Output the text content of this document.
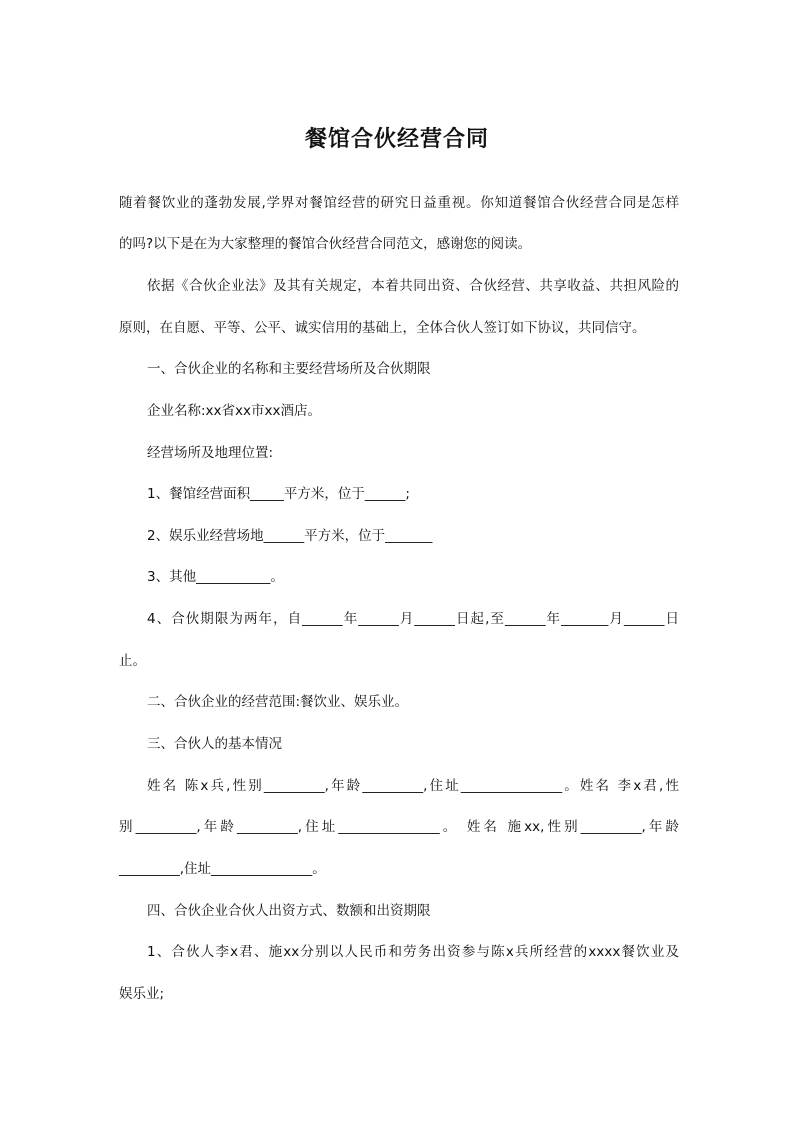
餐馆合伙经营合同
随着餐饮业的蓬勃发展,学界对餐馆经营的研究日益重视。你知道餐馆合伙经营合同是怎样
的吗?以下是在为大家整理的餐馆合伙经营合同范文，感谢您的阅读。
依据《合伙企业法》及其有关规定，本着共同出资、合伙经营、共享收益、共担风险的
原则，在自愿、平等、公平、诚实信用的基础上，全体合伙人签订如下协议，共同信守。
一、合伙企业的名称和主要经营场所及合伙期限
企业名称:xx省xx市xx酒店。
经营场所及地理位置:
1、餐馆经营面积_____平方米，位于______;
2、娱乐业经营场地______平方米，位于_______
3、其他___________。
4、合伙期限为两年，自______年______月______日起,至______年_______月______日
止。
二、合伙企业的经营范围:餐饮业、娱乐业。
三、合伙人的基本情况
姓名 陈x兵,性别_________,年龄_________,住址_______________。姓名 李x君,性
别_________,年龄_________,住址_______________。 姓名 施xx,性别_________,年龄
_________,住址_______________。
四、合伙企业合伙人出资方式、数额和出资期限
1、合伙人李x君、施xx分别以人民币和劳务出资参与陈x兵所经营的xxxx餐饮业及
娱乐业;
